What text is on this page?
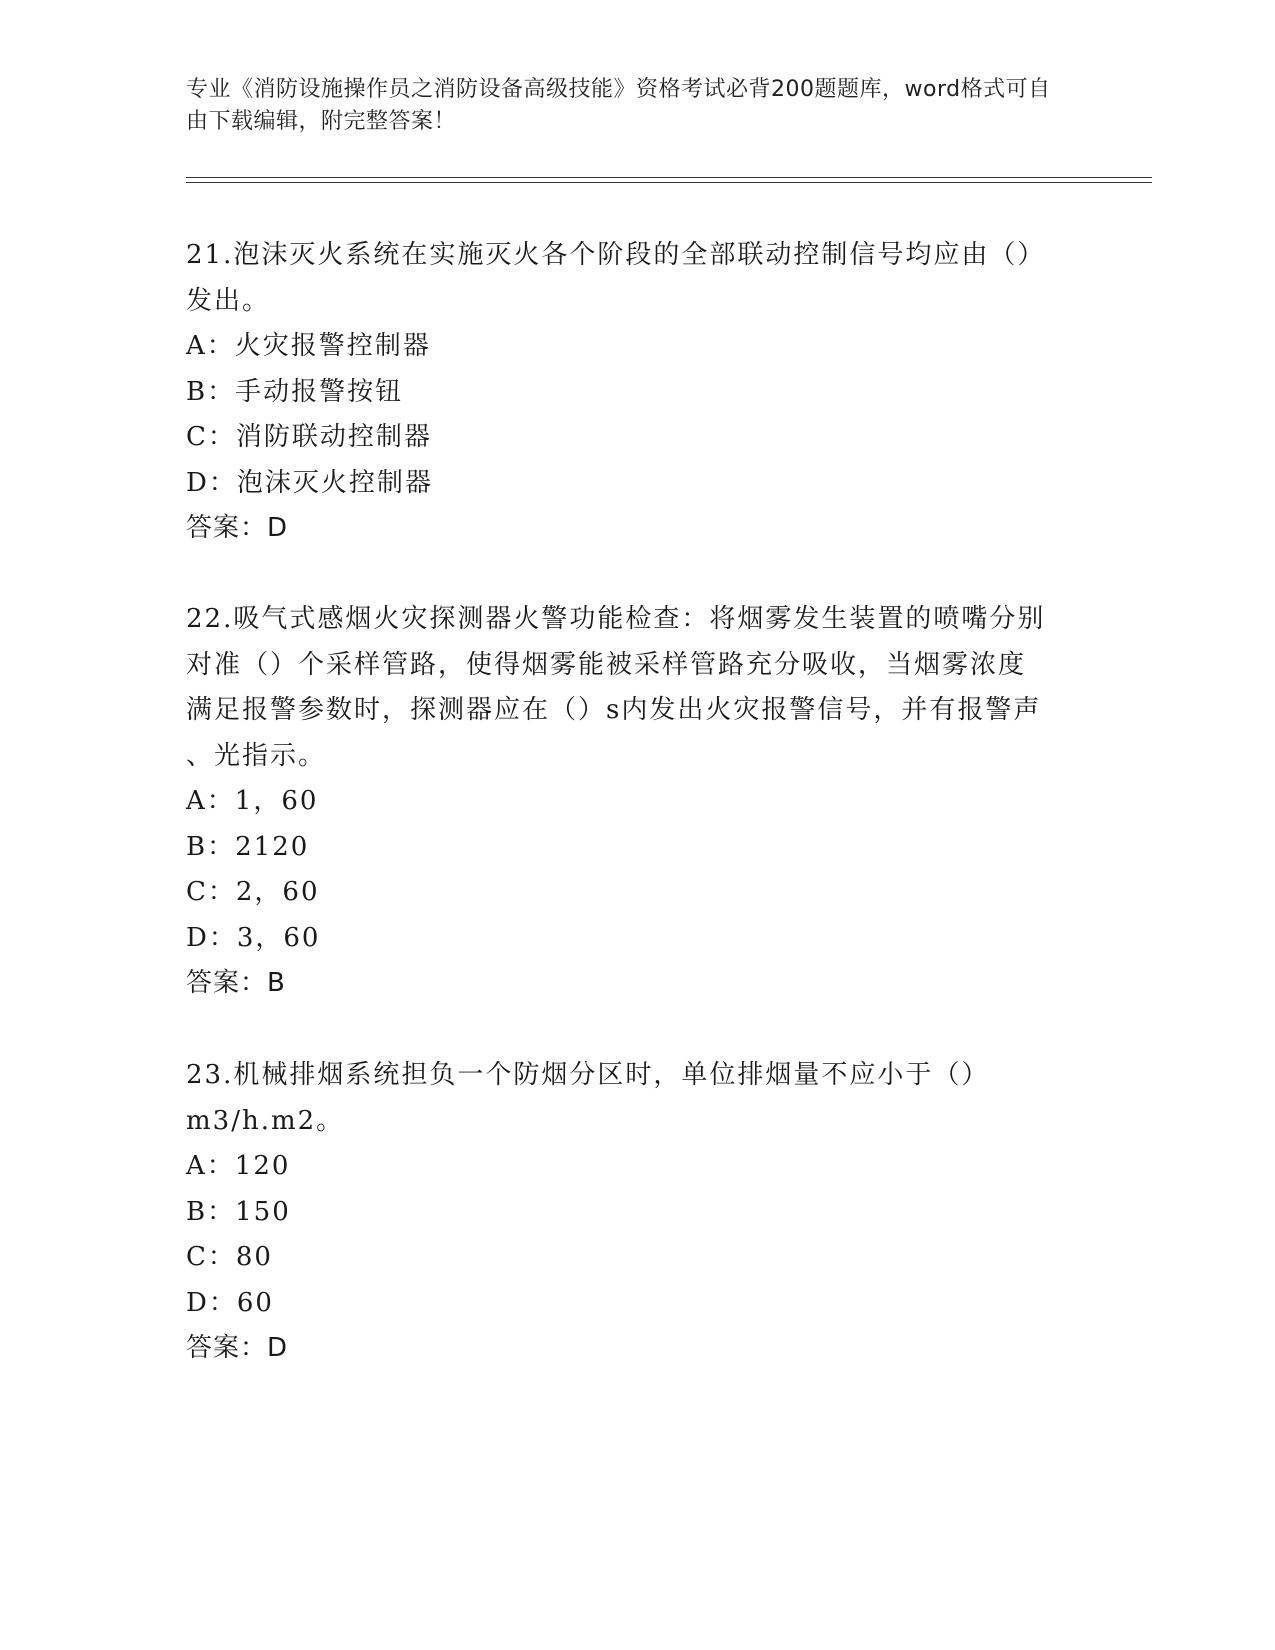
专业《消防设施操作员之消防设备高级技能》资格考试必背200题题库，word格式可自由下载编辑，附完整答案！

21.泡沫灭火系统在实施灭火各个阶段的全部联动控制信号均应由（）

发出。

A：火灾报警控制器

B：手动报警按钮

C：消防联动控制器

D：泡沫灭火控制器

答案：D

22.吸气式感烟火灾探测器火警功能检查：将烟雾发生装置的喷嘴分别

对准（）个采样管路，使得烟雾能被采样管路充分吸收，当烟雾浓度

满足报警参数时，探测器应在（）s内发出火灾报警信号，并有报警声

、光指示。

A：1，60

B：2120

C：2，60

D：3，60

答案：B

23.机械排烟系统担负一个防烟分区时，单位排烟量不应小于（）

m3/h.m2。

A：120

B：150

C：80

D：60

答案：D
